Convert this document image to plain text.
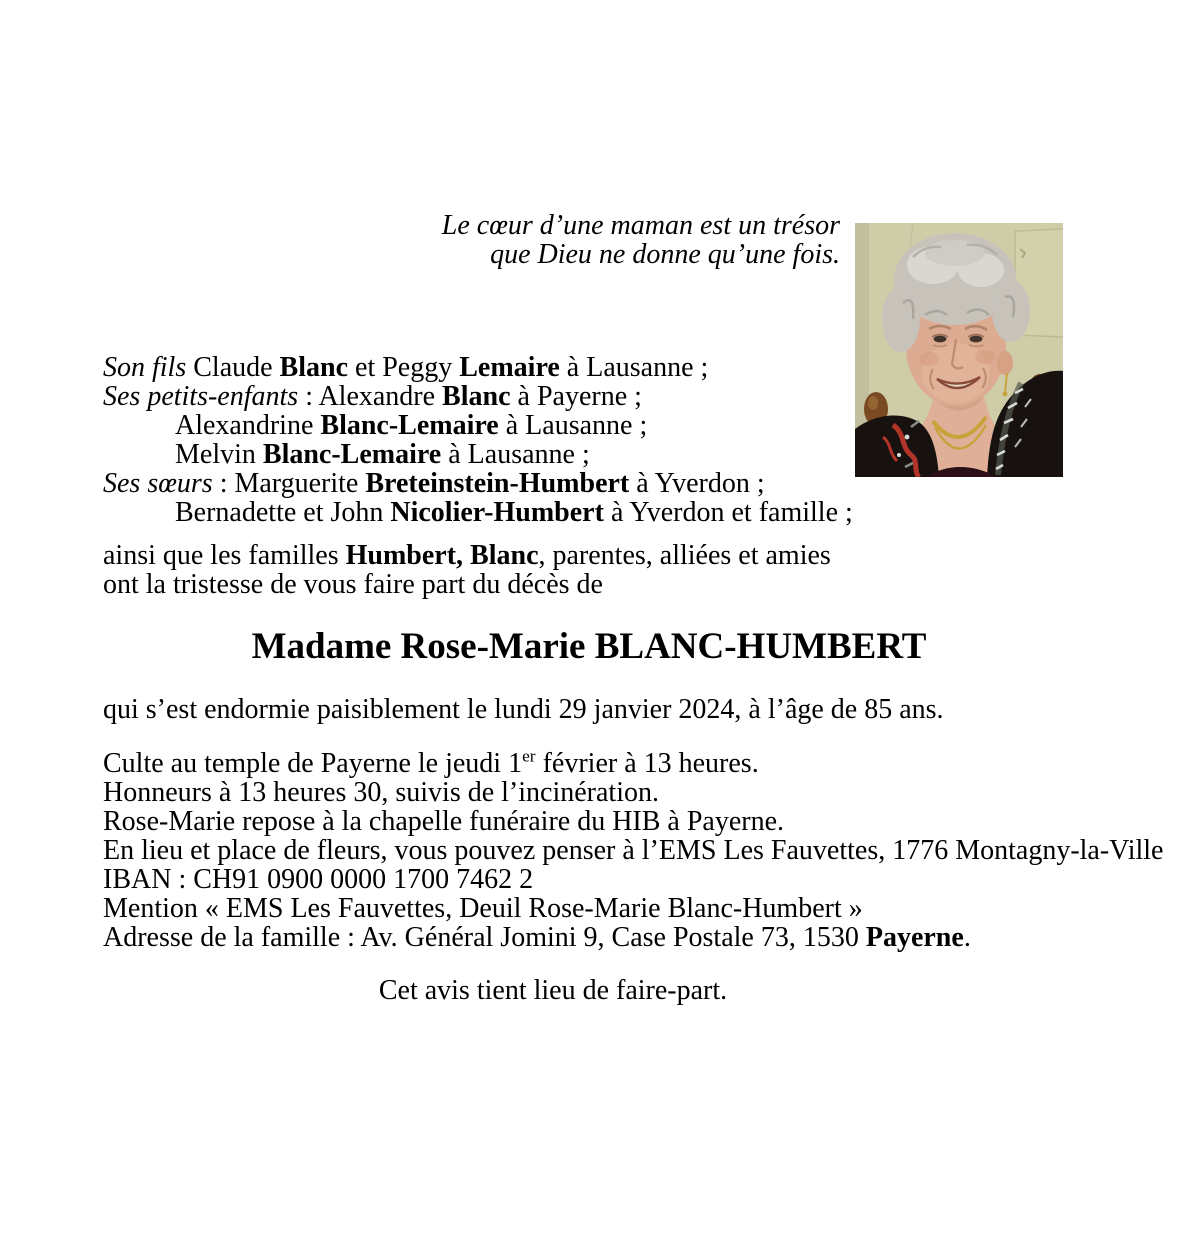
Le cœur d’une maman est un trésor
que Dieu ne donne qu’une fois.
Son fils Claude Blanc et Peggy Lemaire à Lausanne ;
Ses petits-enfants : Alexandre Blanc à Payerne ;
Alexandrine Blanc-Lemaire à Lausanne ;
Melvin Blanc-Lemaire à Lausanne ;
Ses sœurs : Marguerite Breteinstein-Humbert à Yverdon ;
Bernadette et John Nicolier-Humbert à Yverdon et famille ;
ainsi que les familles Humbert, Blanc, parentes, alliées et amies
ont la tristesse de vous faire part du décès de
Madame Rose-Marie BLANC-HUMBERT
qui s’est endormie paisiblement le lundi 29 janvier 2024, à l’âge de 85 ans.
Culte au temple de Payerne le jeudi 1er février à 13 heures.
Honneurs à 13 heures 30, suivis de l’incinération.
Rose-Marie repose à la chapelle funéraire du HIB à Payerne.
En lieu et place de fleurs, vous pouvez penser à l’EMS Les Fauvettes, 1776 Montagny-la-Ville
IBAN : CH91 0900 0000 1700 7462 2
Mention « EMS Les Fauvettes, Deuil Rose-Marie Blanc-Humbert »
Adresse de la famille : Av. Général Jomini 9, Case Postale 73, 1530 Payerne.
Cet avis tient lieu de faire-part.
